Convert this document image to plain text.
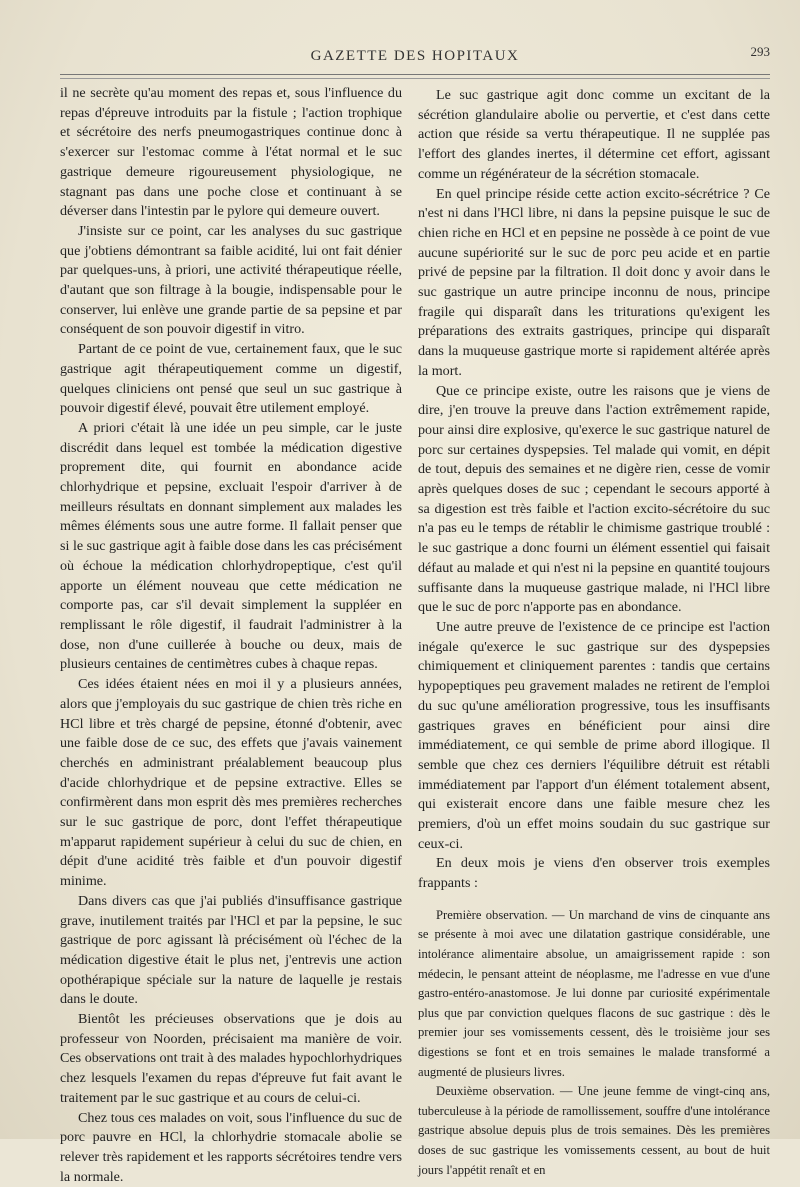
GAZETTE DES HOPITAUX	293

il ne secrète qu'au moment des repas et, sous l'influence du repas d'épreuve introduits par la fistule ; l'action trophique et sécrétoire des nerfs pneumogastriques continue donc à s'exercer sur l'estomac comme à l'état normal et le suc gastrique demeure rigoureusement physiologique, ne stagnant pas dans une poche close et continuant à se déverser dans l'intestin par le pylore qui demeure ouvert.

J'insiste sur ce point, car les analyses du suc gastrique que j'obtiens démontrant sa faible acidité, lui ont fait dénier par quelques-uns, à priori, une activité thérapeutique réelle, d'autant que son filtrage à la bougie, indispensable pour le conserver, lui enlève une grande partie de sa pepsine et par conséquent de son pouvoir digestif in vitro.

Partant de ce point de vue, certainement faux, que le suc gastrique agit thérapeutiquement comme un digestif, quelques cliniciens ont pensé que seul un suc gastrique à pouvoir digestif élevé, pouvait être utilement employé.

A priori c'était là une idée un peu simple, car le juste discrédit dans lequel est tombée la médication digestive proprement dite, qui fournit en abondance acide chlorhydrique et pepsine, excluait l'espoir d'arriver à de meilleurs résultats en donnant simplement aux malades les mêmes éléments sous une autre forme. Il fallait penser que si le suc gastrique agit à faible dose dans les cas précisément où échoue la médication chlorhydropeptique, c'est qu'il apporte un élément nouveau que cette médication ne comporte pas, car s'il devait simplement la suppléer en remplissant le rôle digestif, il faudrait l'administrer à la dose, non d'une cuillerée à bouche ou deux, mais de plusieurs centaines de centimètres cubes à chaque repas.

Ces idées étaient nées en moi il y a plusieurs années, alors que j'employais du suc gastrique de chien très riche en HCl libre et très chargé de pepsine, étonné d'obtenir, avec une faible dose de ce suc, des effets que j'avais vainement cherchés en administrant préalablement beaucoup plus d'acide chlorhydrique et de pepsine extractive. Elles se confirmèrent dans mon esprit dès mes premières recherches sur le suc gastrique de porc, dont l'effet thérapeutique m'apparut rapidement supérieur à celui du suc de chien, en dépit d'une acidité très faible et d'un pouvoir digestif minime.

Dans divers cas que j'ai publiés d'insuffisance gastrique grave, inutilement traités par l'HCl et par la pepsine, le suc gastrique de porc agissant là précisément où l'échec de la médication digestive était le plus net, j'entrevis une action opothérapique spéciale sur la nature de laquelle je restais dans le doute.

Bientôt les précieuses observations que je dois au professeur von Noorden, précisaient ma manière de voir. Ces observations ont trait à des malades hypochlorhydriques chez lesquels l'examen du repas d'épreuve fut fait avant le traitement par le suc gastrique et au cours de celui-ci.

Chez tous ces malades on voit, sous l'influence du suc de porc pauvre en HCl, la chlorhydrie stomacale abolie se relever très rapidement et les rapports sécrétoires tendre vers la normale.

Le suc gastrique agit donc comme un excitant de la sécrétion glandulaire abolie ou pervertie, et c'est dans cette action que réside sa vertu thérapeutique. Il ne supplée pas l'effort des glandes inertes, il détermine cet effort, agissant comme un régénérateur de la sécrétion stomacale.

En quel principe réside cette action excito-sécrétrice ? Ce n'est ni dans l'HCl libre, ni dans la pepsine puisque le suc de chien riche en HCl et en pepsine ne possède à ce point de vue aucune supériorité sur le suc de porc peu acide et en partie privé de pepsine par la filtration. Il doit donc y avoir dans le suc gastrique un autre principe inconnu de nous, principe fragile qui disparaît dans les triturations qu'exigent les préparations des extraits gastriques, principe qui disparaît dans la muqueuse gastrique morte si rapidement altérée après la mort.

Que ce principe existe, outre les raisons que je viens de dire, j'en trouve la preuve dans l'action extrêmement rapide, pour ainsi dire explosive, qu'exerce le suc gastrique naturel de porc sur certaines dyspepsies. Tel malade qui vomit, en dépit de tout, depuis des semaines et ne digère rien, cesse de vomir après quelques doses de suc ; cependant le secours apporté à sa digestion est très faible et l'action excito-sécrétoire du suc n'a pas eu le temps de rétablir le chimisme gastrique troublé : le suc gastrique a donc fourni un élément essentiel qui faisait défaut au malade et qui n'est ni la pepsine en quantité toujours suffisante dans la muqueuse gastrique malade, ni l'HCl libre que le suc de porc n'apporte pas en abondance.

Une autre preuve de l'existence de ce principe est l'action inégale qu'exerce le suc gastrique sur des dyspepsies chimiquement et cliniquement parentes : tandis que certains hypopeptiques peu gravement malades ne retirent de l'emploi du suc qu'une amélioration progressive, tous les insuffisants gastriques graves en bénéficient pour ainsi dire immédiatement, ce qui semble de prime abord illogique. Il semble que chez ces derniers l'équilibre détruit est rétabli immédiatement par l'apport d'un élément totalement absent, qui existerait encore dans une faible mesure chez les premiers, d'où un effet moins soudain du suc gastrique sur ceux-ci.

En deux mois je viens d'en observer trois exemples frappants :

Première observation. — Un marchand de vins de cinquante ans se présente à moi avec une dilatation gastrique considérable, une intolérance alimentaire absolue, un amaigrissement rapide : son médecin, le pensant atteint de néoplasme, me l'adresse en vue d'une gastro-entéro-anastomose. Je lui donne par curiosité expérimentale plus que par conviction quelques flacons de suc gastrique : dès le premier jour ses vomissements cessent, dès le troisième jour ses digestions se font et en trois semaines le malade transformé a augmenté de plusieurs livres.

Deuxième observation. — Une jeune femme de vingt-cinq ans, tuberculeuse à la période de ramollissement, souffre d'une intolérance gastrique absolue depuis plus de trois semaines. Dès les premières doses de suc gastrique les vomissements cessent, au bout de huit jours l'appétit renaît et en
